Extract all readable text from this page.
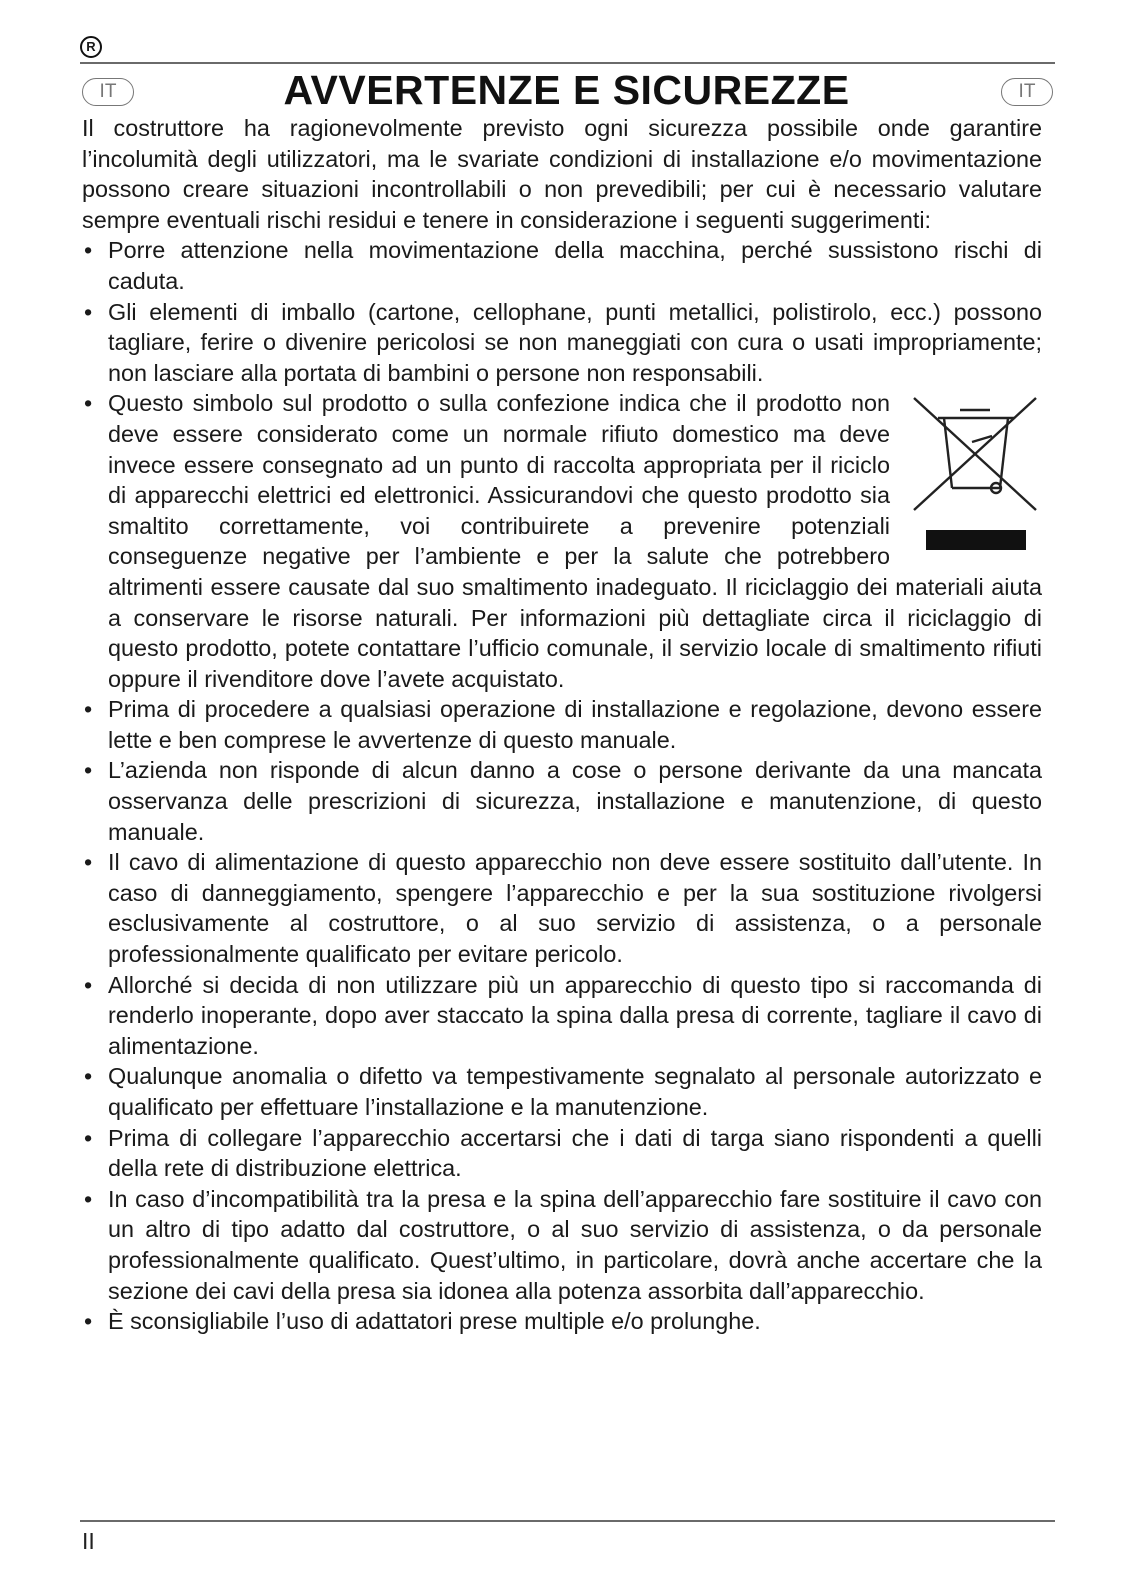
R
IT	AVVERTENZE E SICUREZZE	IT
Il costruttore ha ragionevolmente previsto ogni sicurezza possibile onde garantire l’incolumità degli utilizzatori, ma le svariate condizioni di installazione e/o movimentazione possono creare situazioni incontrollabili o non prevedibili; per cui è necessario valutare sempre eventuali rischi residui e tenere in considerazione i seguenti suggerimenti:
• Porre attenzione nella movimentazione della macchina, perché sussistono rischi di caduta.
• Gli elementi di imballo (cartone, cellophane, punti metallici, polistirolo, ecc.) possono tagliare, ferire o divenire pericolosi se non maneggiati con cura o usati impropriamente; non lasciare alla portata di bambini o persone non responsabili.
• Questo simbolo sul prodotto o sulla confezione indica che il prodotto non deve essere considerato come un normale rifiuto domestico ma deve invece essere consegnato ad un punto di raccolta appropriata per il riciclo di apparecchi elettrici ed elettronici. Assicurandovi che questo prodotto sia smaltito correttamente, voi contribuirete a prevenire potenziali conseguenze negative per l’ambiente e per la salute che potrebbero altrimenti essere causate dal suo smaltimento inadeguato. Il riciclaggio dei materiali aiuta a conservare le risorse naturali. Per informazioni più dettagliate circa il riciclaggio di questo prodotto, potete contattare l’ufficio comunale, il servizio locale di smaltimento rifiuti oppure il rivenditore dove l’avete acquistato.
• Prima di procedere a qualsiasi operazione di installazione e regolazione, devono essere lette e ben comprese le avvertenze di questo manuale.
• L’azienda non risponde di alcun danno a cose o persone derivante da una mancata osservanza delle prescrizioni di sicurezza, installazione e manutenzione, di questo manuale.
• Il cavo di alimentazione di questo apparecchio non deve essere sostituito dall’utente. In caso di danneggiamento, spengere l’apparecchio e per la sua sostituzione rivolgersi esclusivamente al costruttore, o al suo servizio di assistenza, o a personale professionalmente qualificato per evitare pericolo.
• Allorché si decida di non utilizzare più un apparecchio di questo tipo si raccomanda di renderlo inoperante, dopo aver staccato la spina dalla presa di corrente, tagliare il cavo di alimentazione.
• Qualunque anomalia o difetto va tempestivamente segnalato al personale autorizzato e qualificato per effettuare l’installazione e la manutenzione.
• Prima di collegare l’apparecchio accertarsi che i dati di targa siano rispondenti a quelli della rete di distribuzione elettrica.
• In caso d’incompatibilità tra la presa e la spina dell’apparecchio fare sostituire il cavo con un altro di tipo adatto dal costruttore, o al suo servizio di assistenza, o da personale professionalmente qualificato. Quest’ultimo, in particolare, dovrà anche accertare che la sezione dei cavi della presa sia idonea alla potenza assorbita dall’apparecchio.
• È sconsigliabile l’uso di adattatori prese multiple e/o prolunghe.
II
